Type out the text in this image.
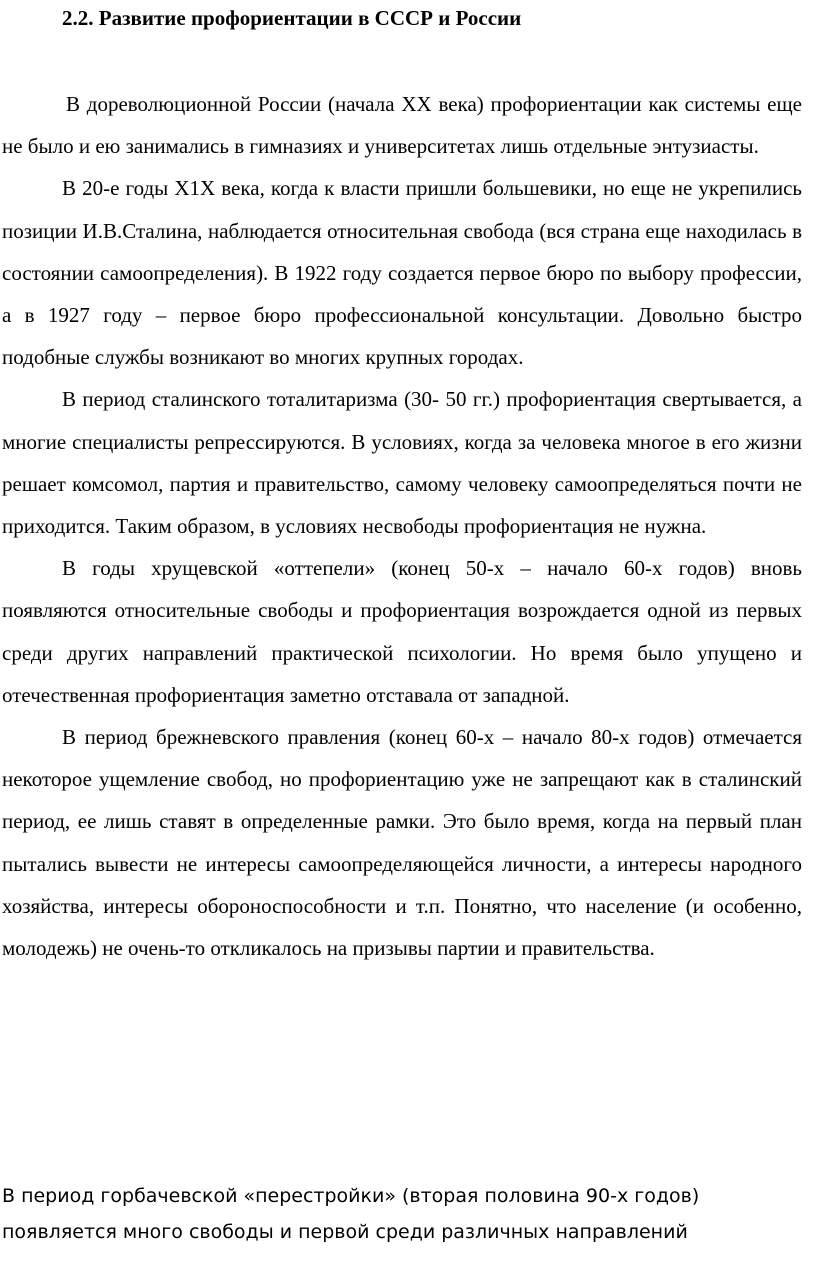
2.2. Развитие профориентации в СССР и России

В дореволюционной России (начала ХХ века) профориентации как системы еще не было и ею занимались в гимназиях и университетах лишь отдельные энтузиасты.

В 20-е годы Х1Х века, когда к власти пришли большевики, но еще не укрепились позиции И.В.Сталина, наблюдается относительная свобода (вся страна еще находилась в состоянии самоопределения). В 1922 году создается первое бюро по выбору профессии, а в 1927 году – первое бюро профессиональной консультации. Довольно быстро подобные службы возникают во многих крупных городах.

В период сталинского тоталитаризма (30- 50 гг.) профориентация свертывается, а многие специалисты репрессируются. В условиях, когда за человека многое в его жизни решает комсомол, партия и правительство, самому человеку самоопределяться почти не приходится. Таким образом, в условиях несвободы профориентация не нужна.

В годы хрущевской «оттепели» (конец 50-х – начало 60-х годов) вновь появляются относительные свободы и профориентация возрождается одной из первых среди других направлений практической психологии. Но время было упущено и отечественная профориентация заметно отставала от западной.

В период брежневского правления (конец 60-х – начало 80-х годов) отмечается некоторое ущемление свобод, но профориентацию уже не запрещают как в сталинский период, ее лишь ставят в определенные рамки. Это было время, когда на первый план пытались вывести не интересы самоопределяющейся личности, а интересы народного хозяйства, интересы обороноспособности и т.п. Понятно, что население (и особенно, молодежь) не очень-то откликалось на призывы партии и правительства.

В период горбачевской «перестройки» (вторая половина 90-х годов) появляется много свободы и первой среди различных направлений
